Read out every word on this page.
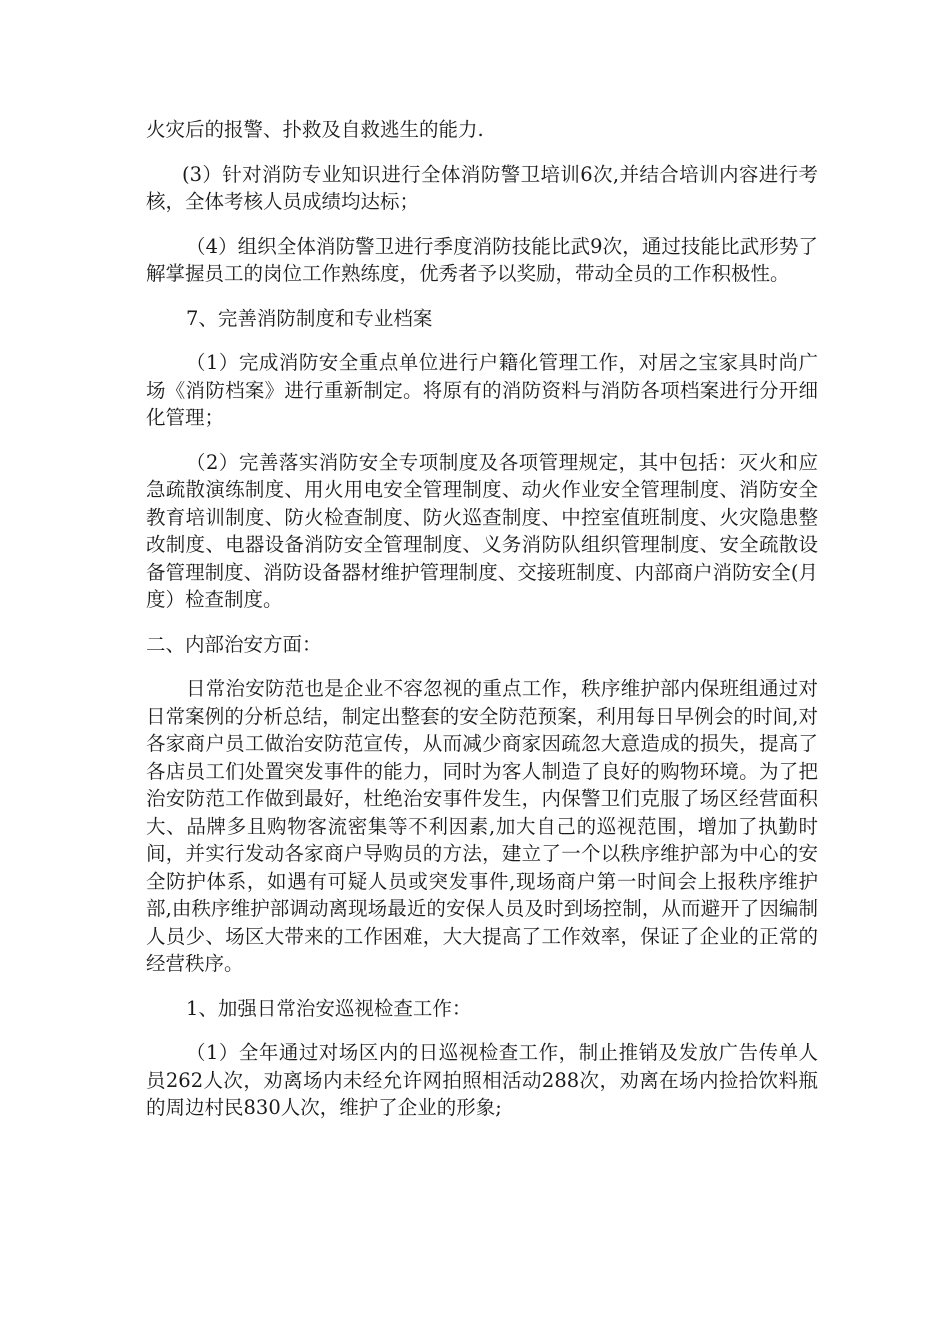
火灾后的报警、扑救及自救逃生的能力.

(3）针对消防专业知识进行全体消防警卫培训6次,并结合培训内容进行考核，全体考核人员成绩均达标；

（4）组织全体消防警卫进行季度消防技能比武9次，通过技能比武形势了解掌握员工的岗位工作熟练度，优秀者予以奖励，带动全员的工作积极性。

7、完善消防制度和专业档案

（1）完成消防安全重点单位进行户籍化管理工作，对居之宝家具时尚广场《消防档案》进行重新制定。将原有的消防资料与消防各项档案进行分开细化管理；

（2）完善落实消防安全专项制度及各项管理规定，其中包括：灭火和应急疏散演练制度、用火用电安全管理制度、动火作业安全管理制度、消防安全教育培训制度、防火检查制度、防火巡查制度、中控室值班制度、火灾隐患整改制度、电器设备消防安全管理制度、义务消防队组织管理制度、安全疏散设备管理制度、消防设备器材维护管理制度、交接班制度、内部商户消防安全(月度）检查制度。

二、内部治安方面：

日常治安防范也是企业不容忽视的重点工作，秩序维护部内保班组通过对日常案例的分析总结，制定出整套的安全防范预案，利用每日早例会的时间,对各家商户员工做治安防范宣传，从而减少商家因疏忽大意造成的损失，提高了各店员工们处置突发事件的能力，同时为客人制造了良好的购物环境。为了把治安防范工作做到最好，杜绝治安事件发生，内保警卫们克服了场区经营面积大、品牌多且购物客流密集等不利因素,加大自己的巡视范围，增加了执勤时间，并实行发动各家商户导购员的方法，建立了一个以秩序维护部为中心的安全防护体系，如遇有可疑人员或突发事件,现场商户第一时间会上报秩序维护部,由秩序维护部调动离现场最近的安保人员及时到场控制，从而避开了因编制人员少、场区大带来的工作困难，大大提高了工作效率，保证了企业的正常的经营秩序。

1、加强日常治安巡视检查工作：

（1）全年通过对场区内的日巡视检查工作，制止推销及发放广告传单人员262人次，劝离场内未经允许网拍照相活动288次，劝离在场内捡拾饮料瓶的周边村民830人次，维护了企业的形象;
